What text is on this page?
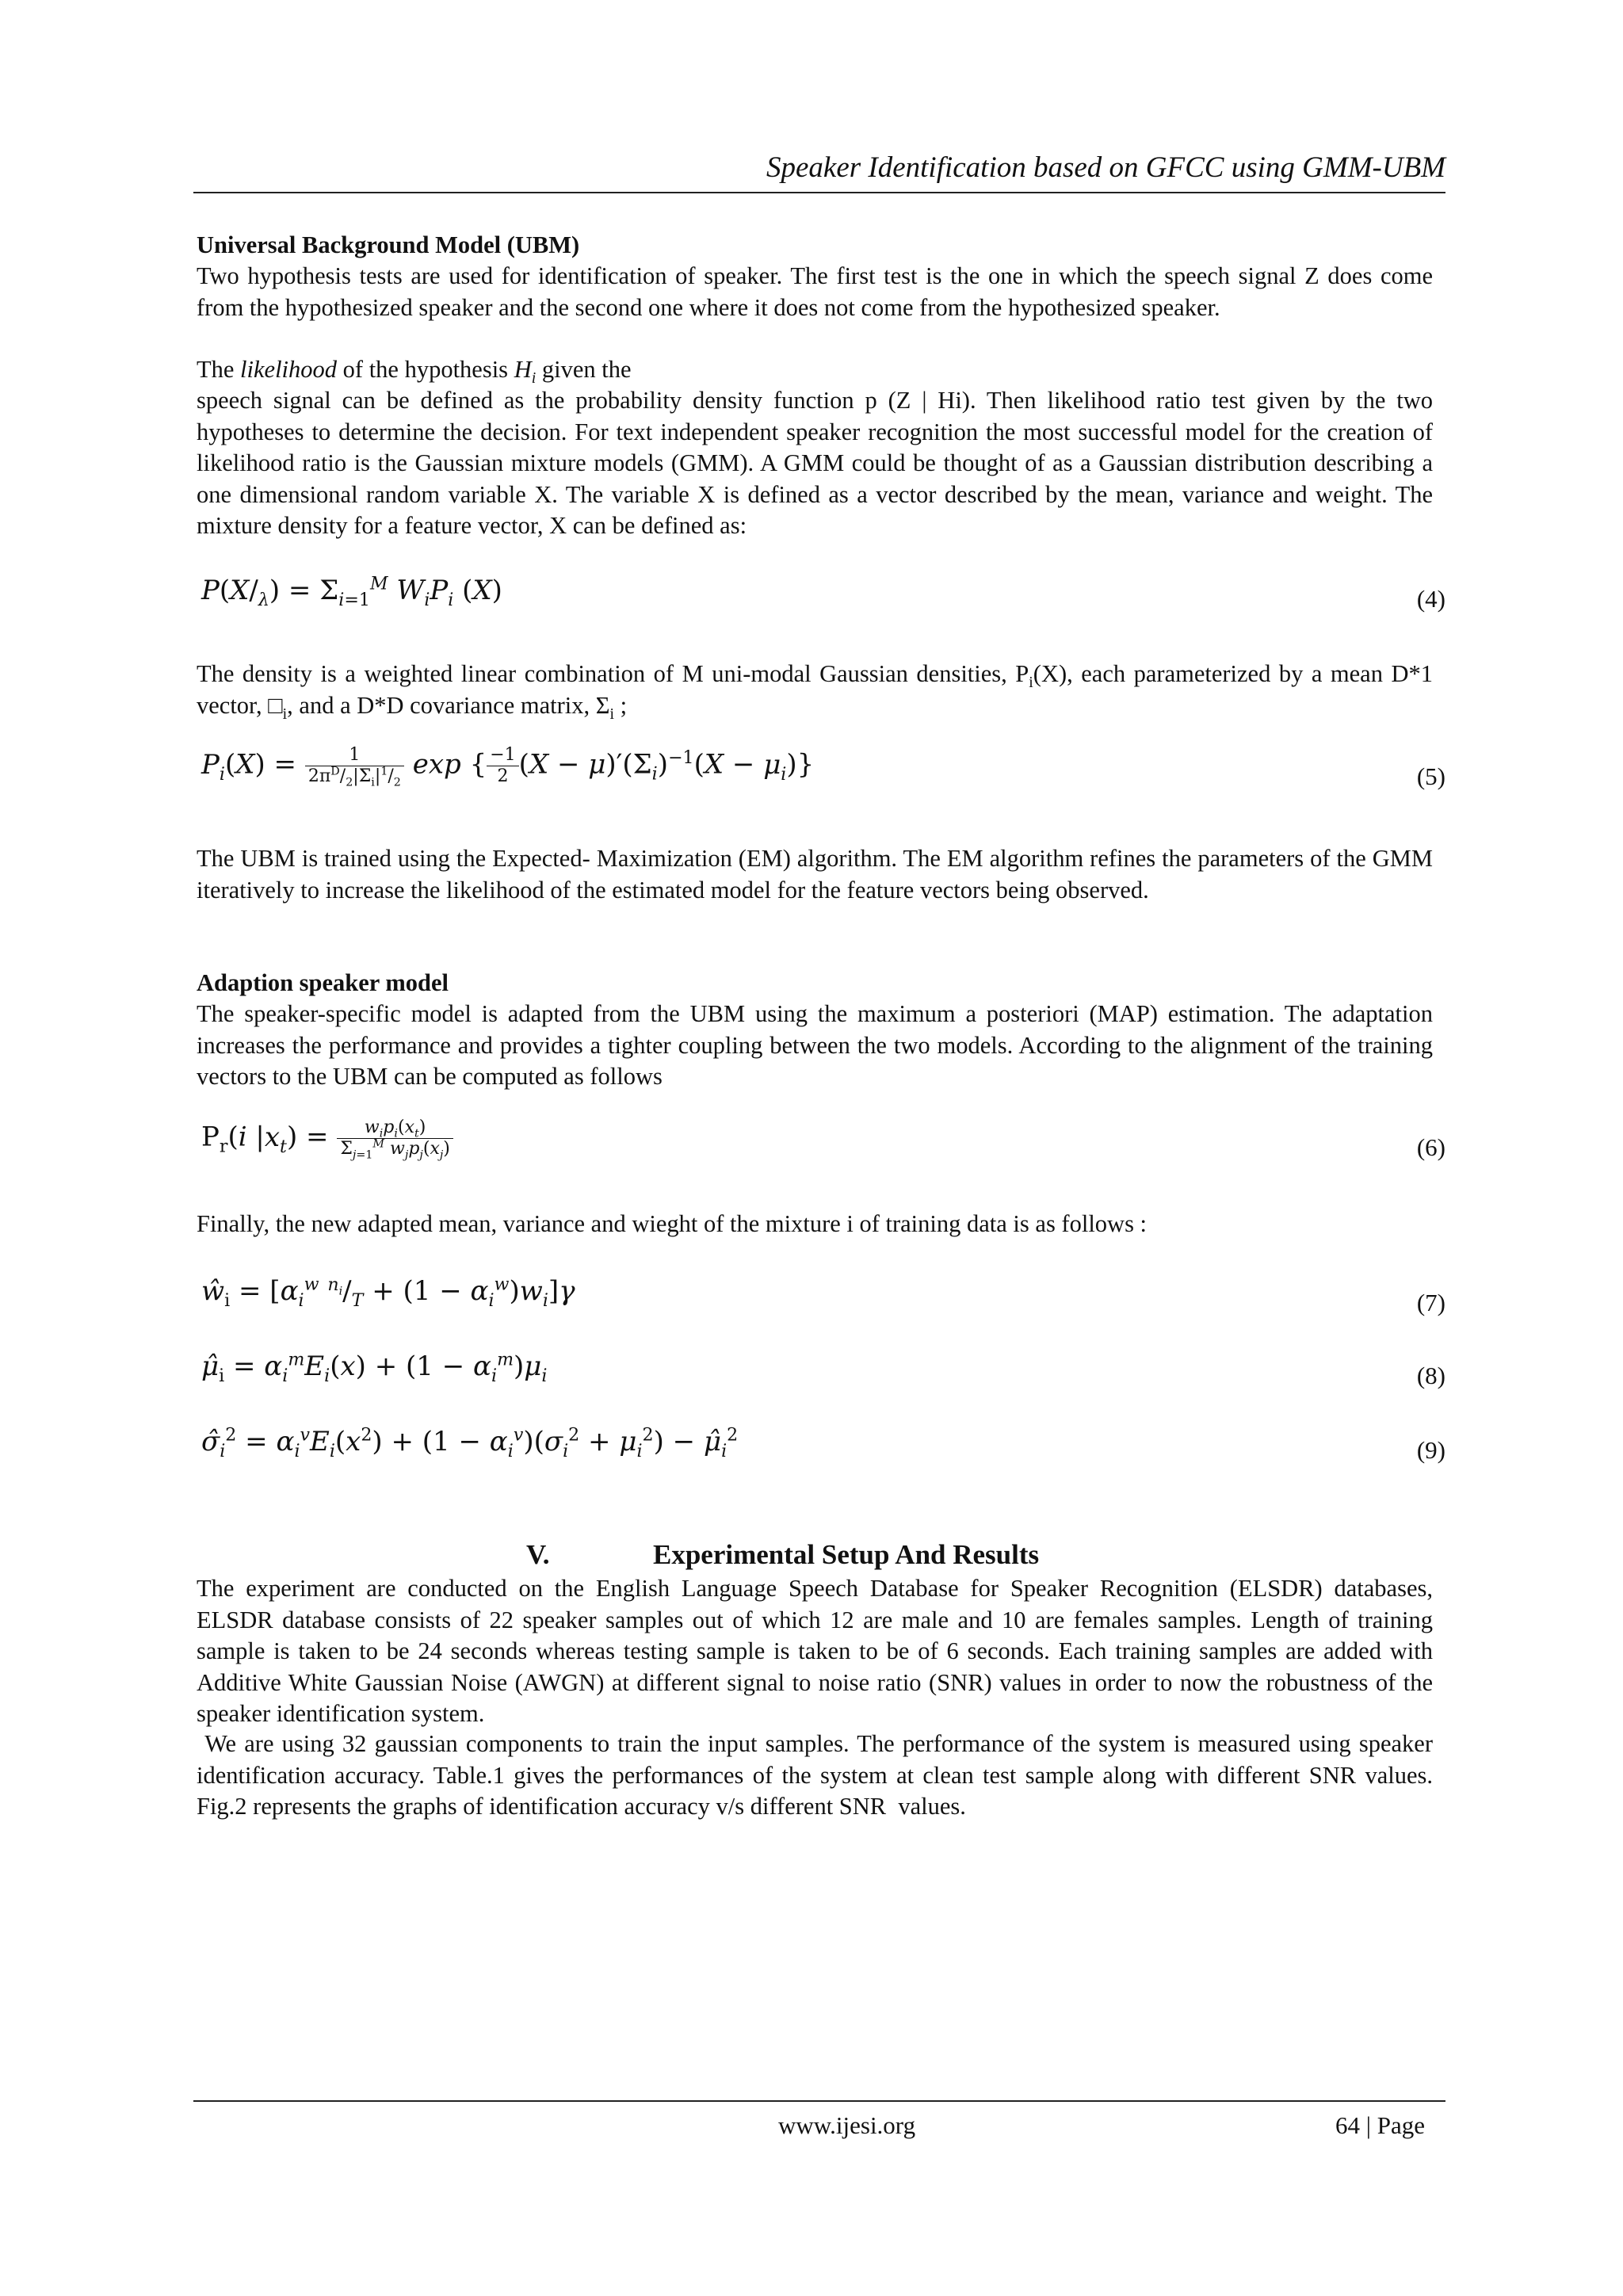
Speaker Identification based on GFCC using GMM-UBM
Universal Background Model (UBM)
Two hypothesis tests are used for identification of speaker. The first test is the one in which the speech signal Z does come from the hypothesized speaker and the second one where it does not come from the hypothesized speaker.
The likelihood of the hypothesis $H_i$ given the
speech signal can be defined as the probability density function p (Z | Hi). Then likelihood ratio test given by the two hypotheses to determine the decision. For text independent speaker recognition the most successful model for the creation of likelihood ratio is the Gaussian mixture models (GMM). A GMM could be thought of as a Gaussian distribution describing a one dimensional random variable X. The variable X is defined as a vector described by the mean, variance and weight. The mixture density for a feature vector, X can be defined as:
$P(X/_\lambda) = \Sigma_{i=1}^M$ $W_iP_i$ (X)	(4)
The density is a weighted linear combination of M uni-modal Gaussian densities, $P_i(X)$, each parameterized by a mean D*1 vector, $□_i$, and a D*D covariance matrix, $\Sigma_i$ ;
$P_i(X) = \frac{1}{2\pi^D/_2|\Sigma_i|^1/_2}$ exp { $\frac{-1}{2} (X - \mu)'(\Sigma_i)^{-1}(X - \mu_i)$}	(5)
The UBM is trained using the Expected- Maximization (EM) algorithm. The EM algorithm refines the parameters of the GMM iteratively to increase the likelihood of the estimated model for the feature vectors being observed.
Adaption speaker model
The speaker-specific model is adapted from the UBM using the maximum a posteriori (MAP) estimation. The adaptation increases the performance and provides a tighter coupling between the two models. According to the alignment of the training vectors to the UBM can be computed as follows
$P_r(i$ $|x_t) = \frac{w_ip_i(x_t)}{\Sigma_{j=1}^M w_jp_j(x_j)}$	(6)
Finally, the new adapted mean, variance and wieght of the mixture i of training data is as follows :
$ŵ_i = [\alpha_i^w$ $^{n_i}/_T + (1 - \alpha_i^w)w_i]\gamma$	(7)
$\mû_i = \alpha_i^mE_i(x) + (1 - \alpha_i^m)\mu_i$	(8)
$\sigmâ_i^2 = \alpha_i^vE_i(x^2) + (1 - \alpha_i^v)(\sigma_i^2 + \mu_i^2)$ − $\mû_i^2$
(9)
V.	Experimental Setup And Results
The experiment are conducted on the English Language Speech Database for Speaker Recognition (ELSDR) databases, ELSDR database consists of 22 speaker samples out of which 12 are male and 10 are females samples. Length of training sample is taken to be 24 seconds whereas testing sample is taken to be of 6 seconds. Each training samples are added with Additive White Gaussian Noise (AWGN) at different signal to noise ratio (SNR) values in order to now the robustness of the speaker identification system.
We are using 32 gaussian components to train the input samples. The performance of the system is measured using speaker identification accuracy. Table.1 gives the performances of the system at clean test sample along with different SNR values. Fig.2 represents the graphs of identification accuracy v/s different SNR  values.
www.ijesi.org	64 | Page
